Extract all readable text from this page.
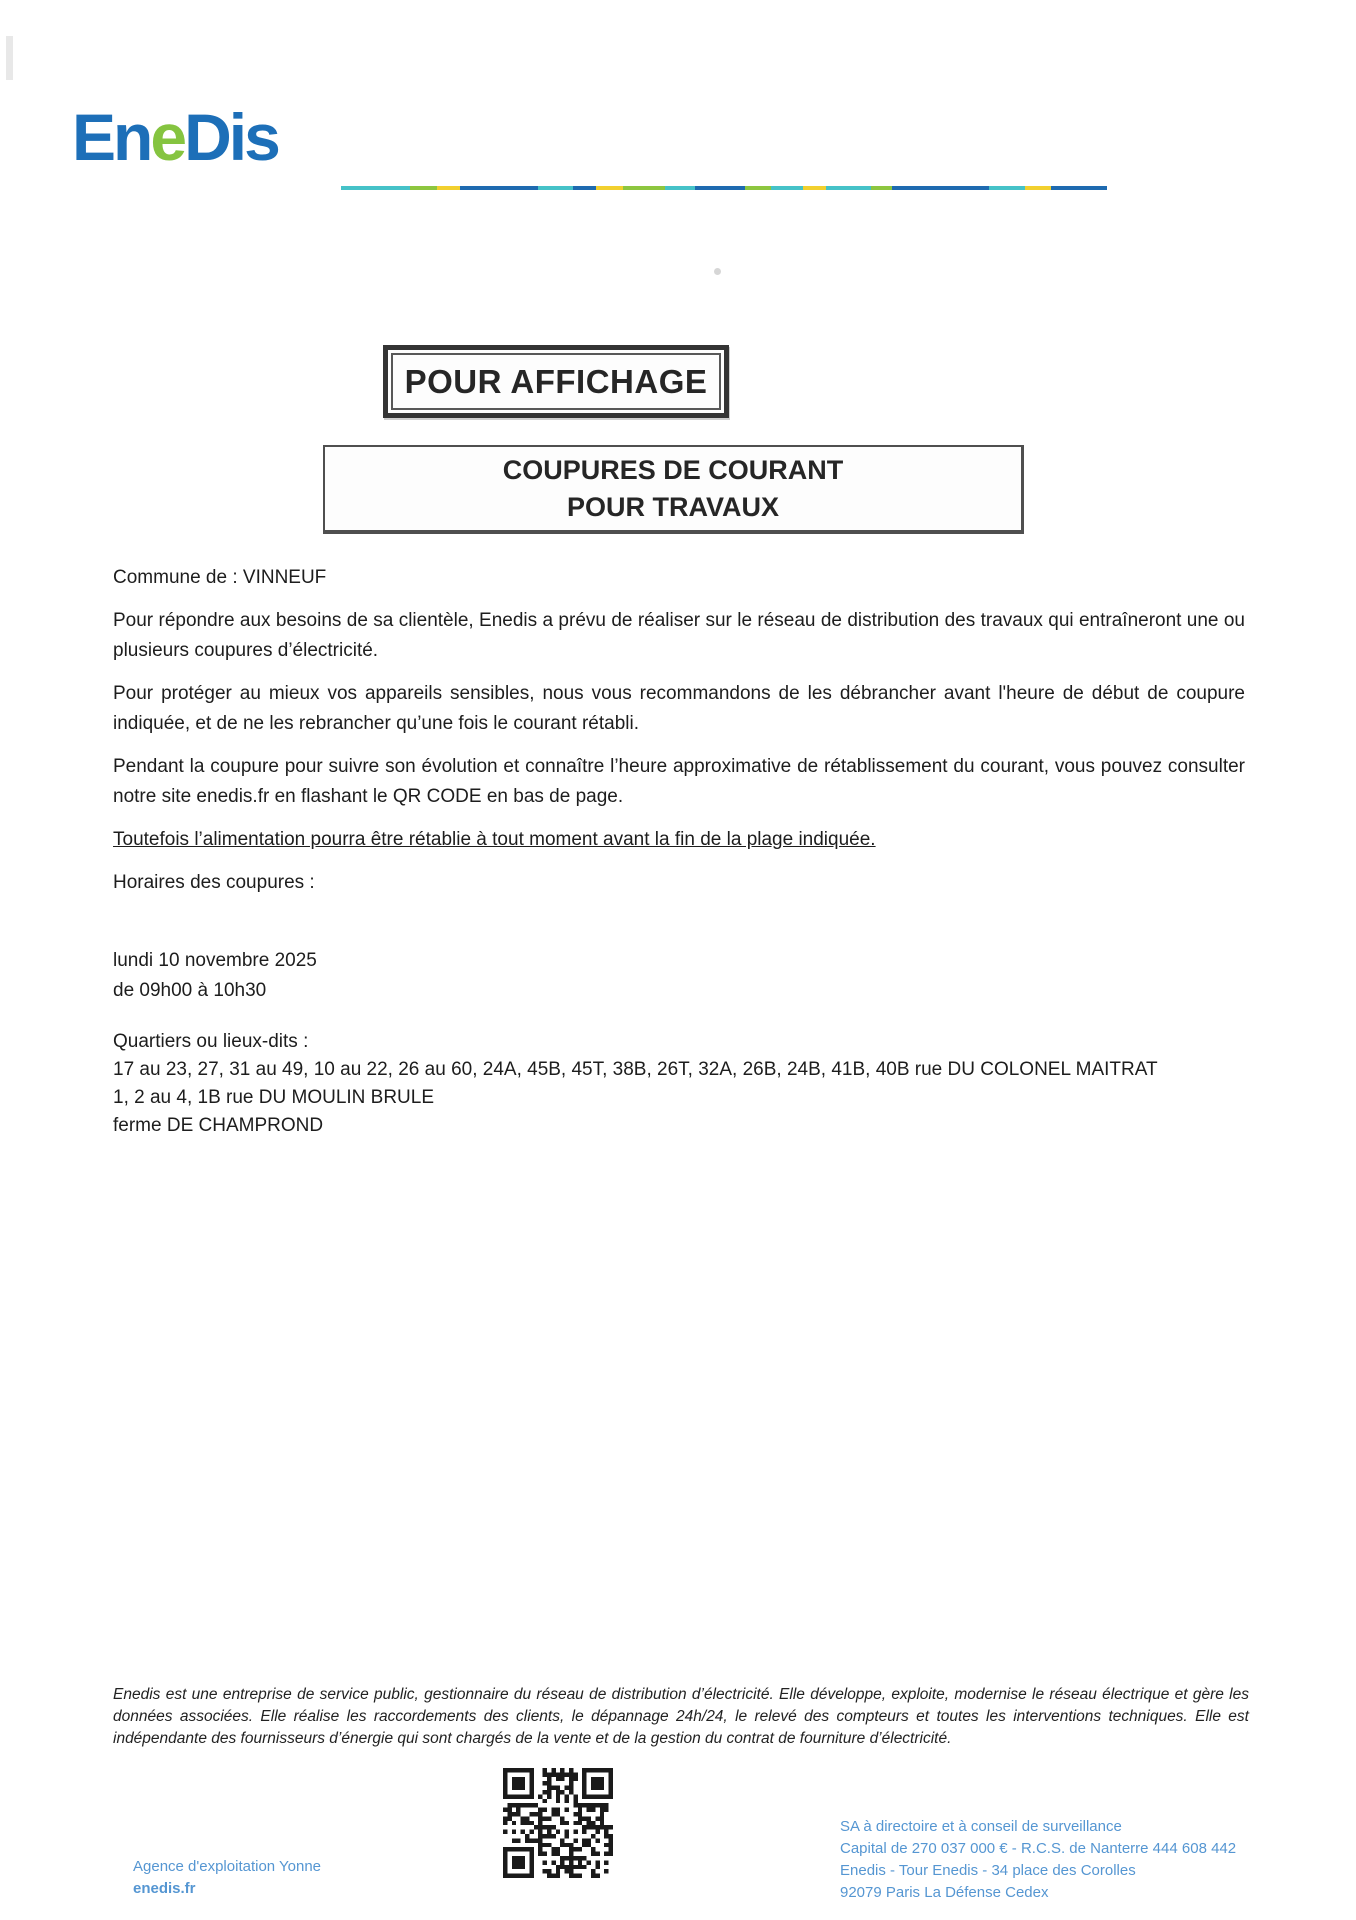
EneDis
POUR AFFICHAGE
COUPURES DE COURANT
POUR TRAVAUX

Commune de : VINNEUF

Pour répondre aux besoins de sa clientèle, Enedis a prévu de réaliser sur le réseau de distribution des travaux qui entraîneront une ou plusieurs coupures d’électricité.

Pour protéger au mieux vos appareils sensibles, nous vous recommandons de les débrancher avant l'heure de début de coupure indiquée, et de ne les rebrancher qu’une fois le courant rétabli.

Pendant la coupure pour suivre son évolution et connaître l’heure approximative de rétablissement du courant, vous pouvez consulter notre site enedis.fr en flashant le QR CODE en bas de page.

Toutefois l’alimentation pourra être rétablie à tout moment avant la fin de la plage indiquée.

Horaires des coupures :

lundi 10 novembre 2025
de 09h00 à 10h30
Quartiers ou lieux-dits :
17 au 23, 27, 31 au 49, 10 au 22, 26 au 60, 24A, 45B, 45T, 38B, 26T, 32A, 26B, 24B, 41B, 40B rue DU COLONEL MAITRAT
1, 2 au 4, 1B rue DU MOULIN BRULE
ferme DE CHAMPROND

Enedis est une entreprise de service public, gestionnaire du réseau de distribution d’électricité. Elle développe, exploite, modernise le réseau électrique et gère les données associées. Elle réalise les raccordements des clients, le dépannage 24h/24, le relevé des compteurs et toutes les interventions techniques. Elle est indépendante des fournisseurs d’énergie qui sont chargés de la vente et de la gestion du contrat de fourniture d’électricité.

Agence d'exploitation Yonne
enedis.fr
SA à directoire et à conseil de surveillance
Capital de 270 037 000 € - R.C.S. de Nanterre 444 608 442
Enedis - Tour Enedis - 34 place des Corolles
92079 Paris La Défense Cedex
